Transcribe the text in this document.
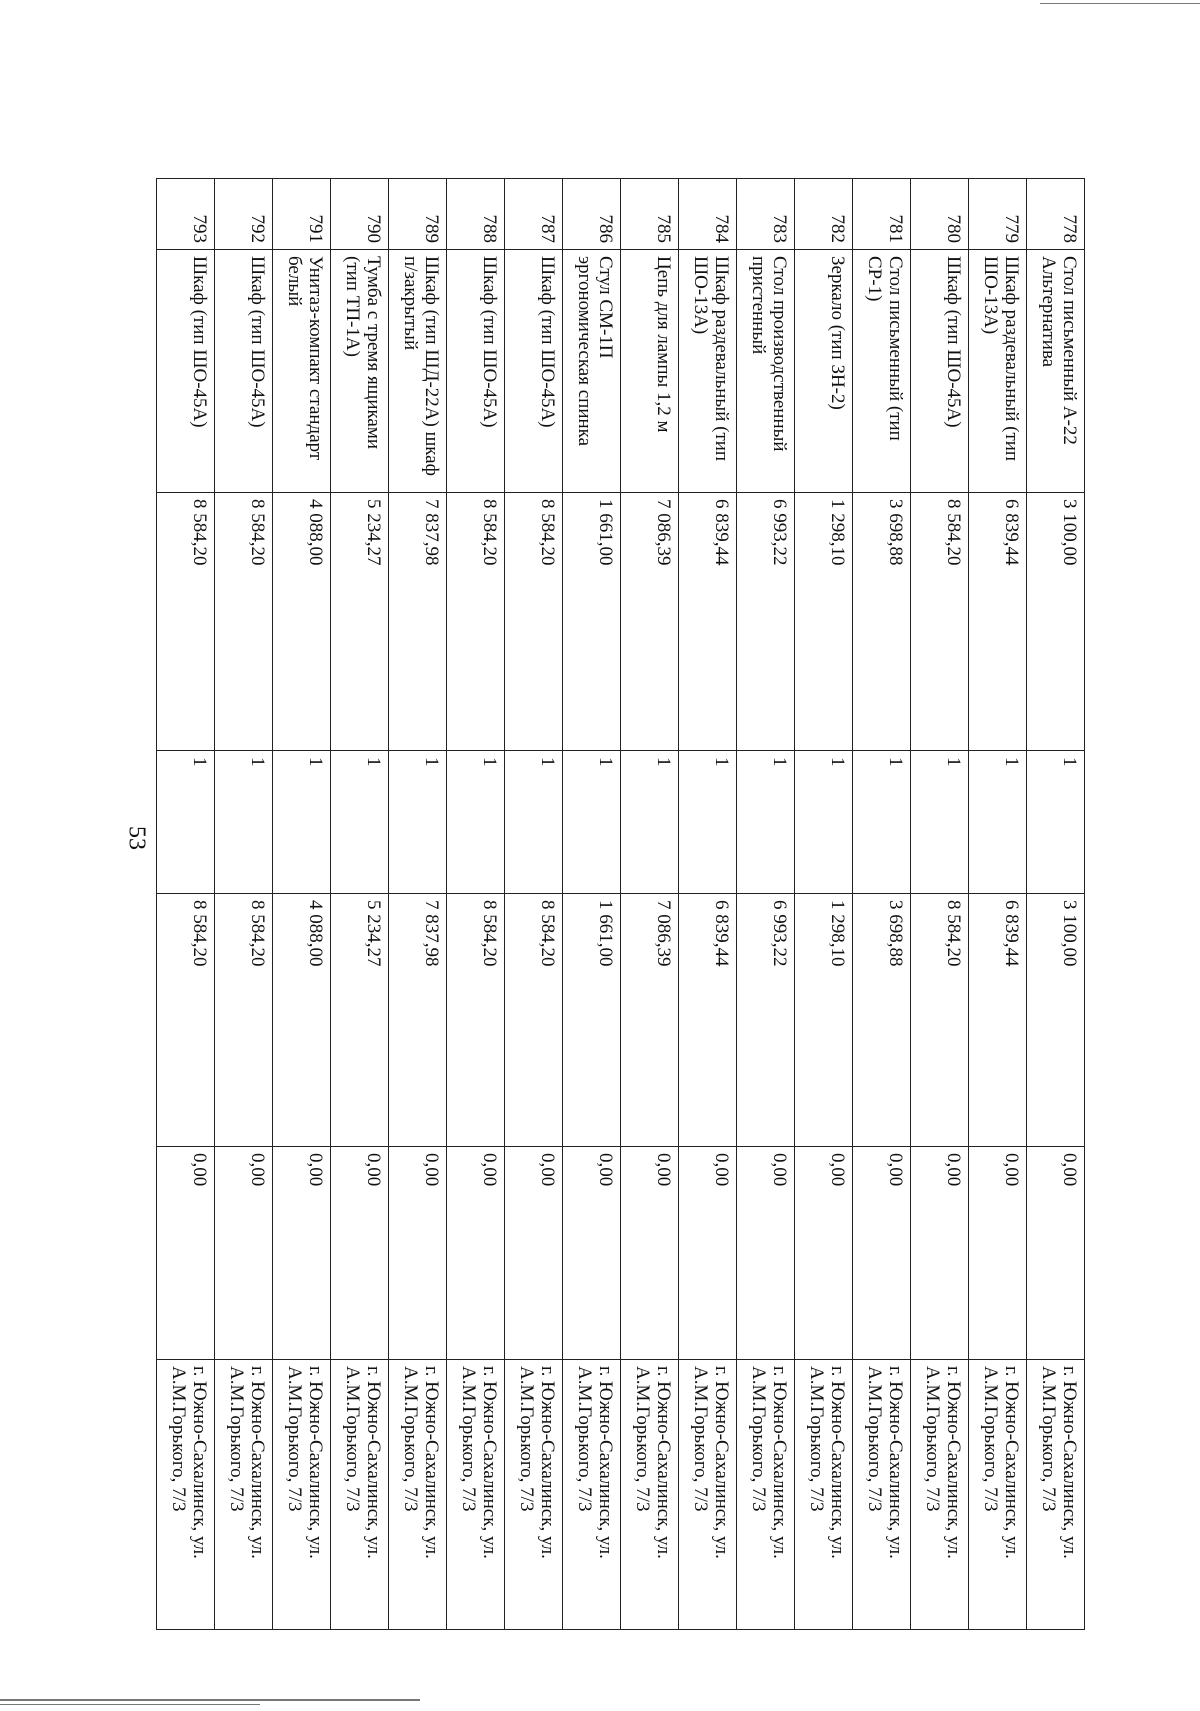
53
778	Стол письменный А-22 Альтернатива	3 100,00	1	3 100,00	0,00	г. Южно-Сахалинск, ул. А.М.Горького, 7/3
779	Шкаф раздевальный (тип ШО-13А)	6 839,44	1	6 839,44	0,00	г. Южно-Сахалинск, ул. А.М.Горького, 7/3
780	Шкаф (тип ШО-45А)	8 584,20	1	8 584,20	0,00	г. Южно-Сахалинск, ул. А.М.Горького, 7/3
781	Стол письменный (тип СР-1)	3 698,88	1	3 698,88	0,00	г. Южно-Сахалинск, ул. А.М.Горького, 7/3
782	Зеркало (тип ЗН-2)	1 298,10	1	1 298,10	0,00	г. Южно-Сахалинск, ул. А.М.Горького, 7/3
783	Стол производственный пристенный	6 993,22	1	6 993,22	0,00	г. Южно-Сахалинск, ул. А.М.Горького, 7/3
784	Шкаф раздевальный (тип ШО-13А)	6 839,44	1	6 839,44	0,00	г. Южно-Сахалинск, ул. А.М.Горького, 7/3
785	Цепь для лампы 1,2 м	7 086,39	1	7 086,39	0,00	г. Южно-Сахалинск, ул. А.М.Горького, 7/3
786	Стул СМ-1П эргономическая спинка	1 661,00	1	1 661,00	0,00	г. Южно-Сахалинск, ул. А.М.Горького, 7/3
787	Шкаф (тип ШО-45А)	8 584,20	1	8 584,20	0,00	г. Южно-Сахалинск, ул. А.М.Горького, 7/3
788	Шкаф (тип ШО-45А)	8 584,20	1	8 584,20	0,00	г. Южно-Сахалинск, ул. А.М.Горького, 7/3
789	Шкаф (тип ШД-22А) шкаф п/закрытый	7 837,98	1	7 837,98	0,00	г. Южно-Сахалинск, ул. А.М.Горького, 7/3
790	Тумба с тремя ящиками (тип ТП-1А)	5 234,27	1	5 234,27	0,00	г. Южно-Сахалинск, ул. А.М.Горького, 7/3
791	Унитаз-компакт стандарт белый	4 088,00	1	4 088,00	0,00	г. Южно-Сахалинск, ул. А.М.Горького, 7/3
792	Шкаф (тип ШО-45А)	8 584,20	1	8 584,20	0,00	г. Южно-Сахалинск, ул. А.М.Горького, 7/3
793	Шкаф (тип ШО-45А)	8 584,20	1	8 584,20	0,00	г. Южно-Сахалинск, ул. А.М.Горького, 7/3
